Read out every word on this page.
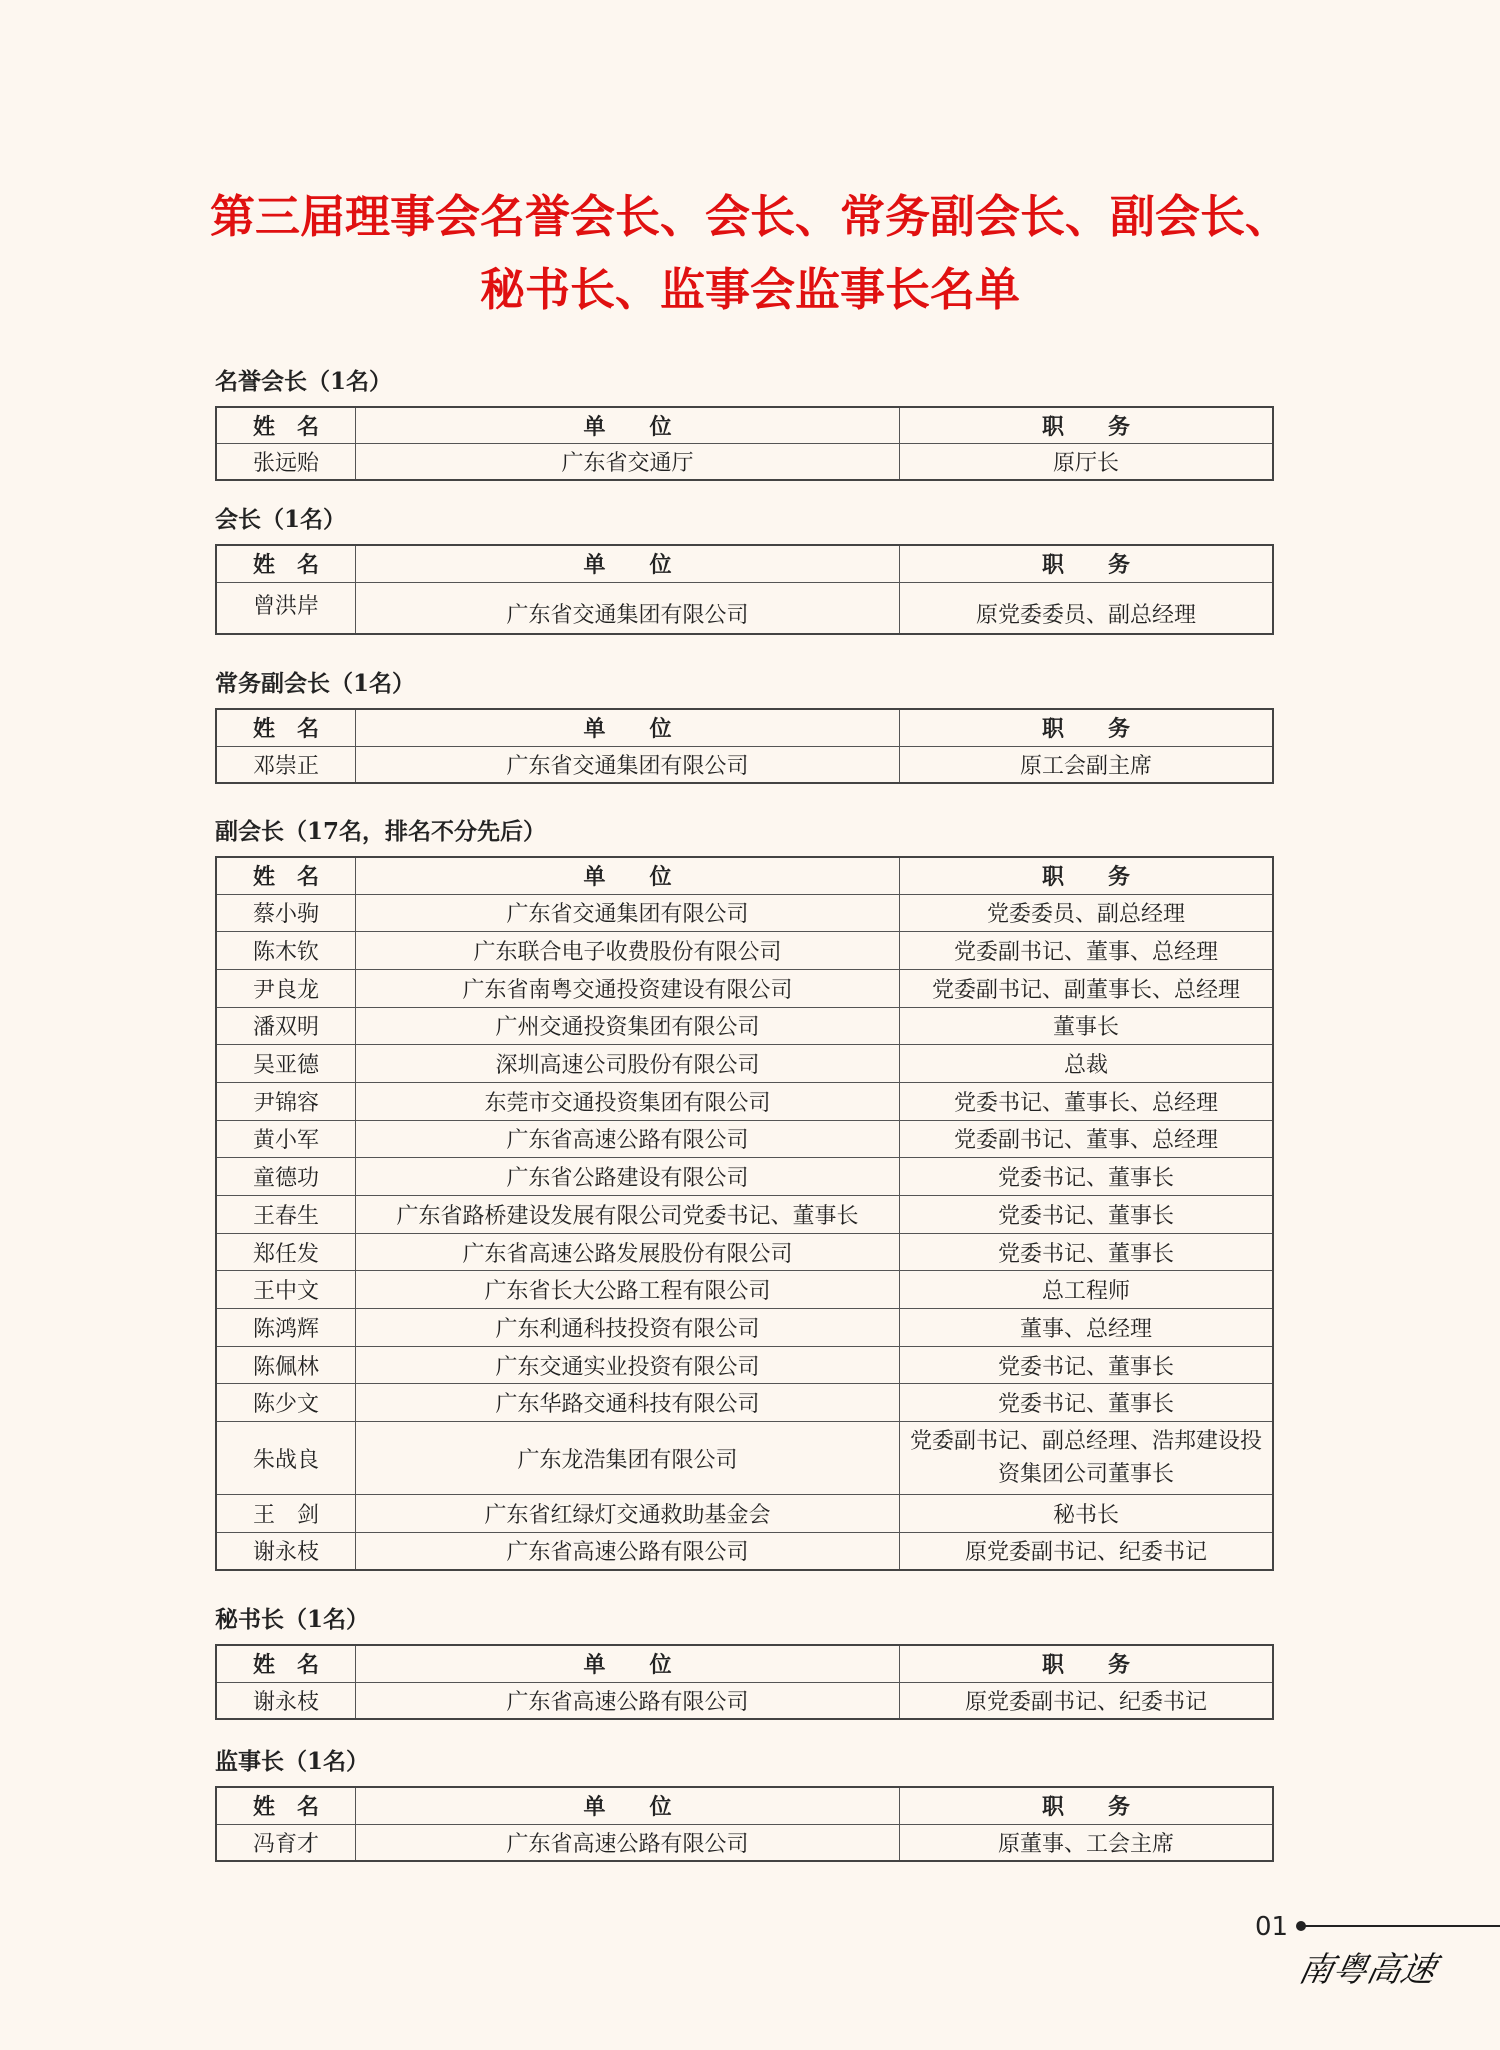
第三届理事会名誉会长、会长、常务副会长、副会长、
秘书长、监事会监事长名单
名誉会长（1名）
姓　名	单　　位	职　　务
张远贻	广东省交通厅	原厅长
会长（1名）
姓　名	单　　位	职　　务
曾洪岸	广东省交通集团有限公司	原党委委员、副总经理
常务副会长（1名）
姓　名	单　　位	职　　务
邓崇正	广东省交通集团有限公司	原工会副主席
副会长（17名，排名不分先后）
姓　名	单　　位	职　　务
蔡小驹	广东省交通集团有限公司	党委委员、副总经理
陈木钦	广东联合电子收费股份有限公司	党委副书记、董事、总经理
尹良龙	广东省南粤交通投资建设有限公司	党委副书记、副董事长、总经理
潘双明	广州交通投资集团有限公司	董事长
吴亚德	深圳高速公司股份有限公司	总裁
尹锦容	东莞市交通投资集团有限公司	党委书记、董事长、总经理
黄小军	广东省高速公路有限公司	党委副书记、董事、总经理
童德功	广东省公路建设有限公司	党委书记、董事长
王春生	广东省路桥建设发展有限公司党委书记、董事长	党委书记、董事长
郑任发	广东省高速公路发展股份有限公司	党委书记、董事长
王中文	广东省长大公路工程有限公司	总工程师
陈鸿辉	广东利通科技投资有限公司	董事、总经理
陈佩林	广东交通实业投资有限公司	党委书记、董事长
陈少文	广东华路交通科技有限公司	党委书记、董事长
朱战良	广东龙浩集团有限公司	党委副书记、副总经理、浩邦建设投资集团公司董事长
王　剑	广东省红绿灯交通救助基金会	秘书长
谢永枝	广东省高速公路有限公司	原党委副书记、纪委书记
秘书长（1名）
姓　名	单　　位	职　　务
谢永枝	广东省高速公路有限公司	原党委副书记、纪委书记
监事长（1名）
姓　名	单　　位	职　　务
冯育才	广东省高速公路有限公司	原董事、工会主席
01
南粤高速
